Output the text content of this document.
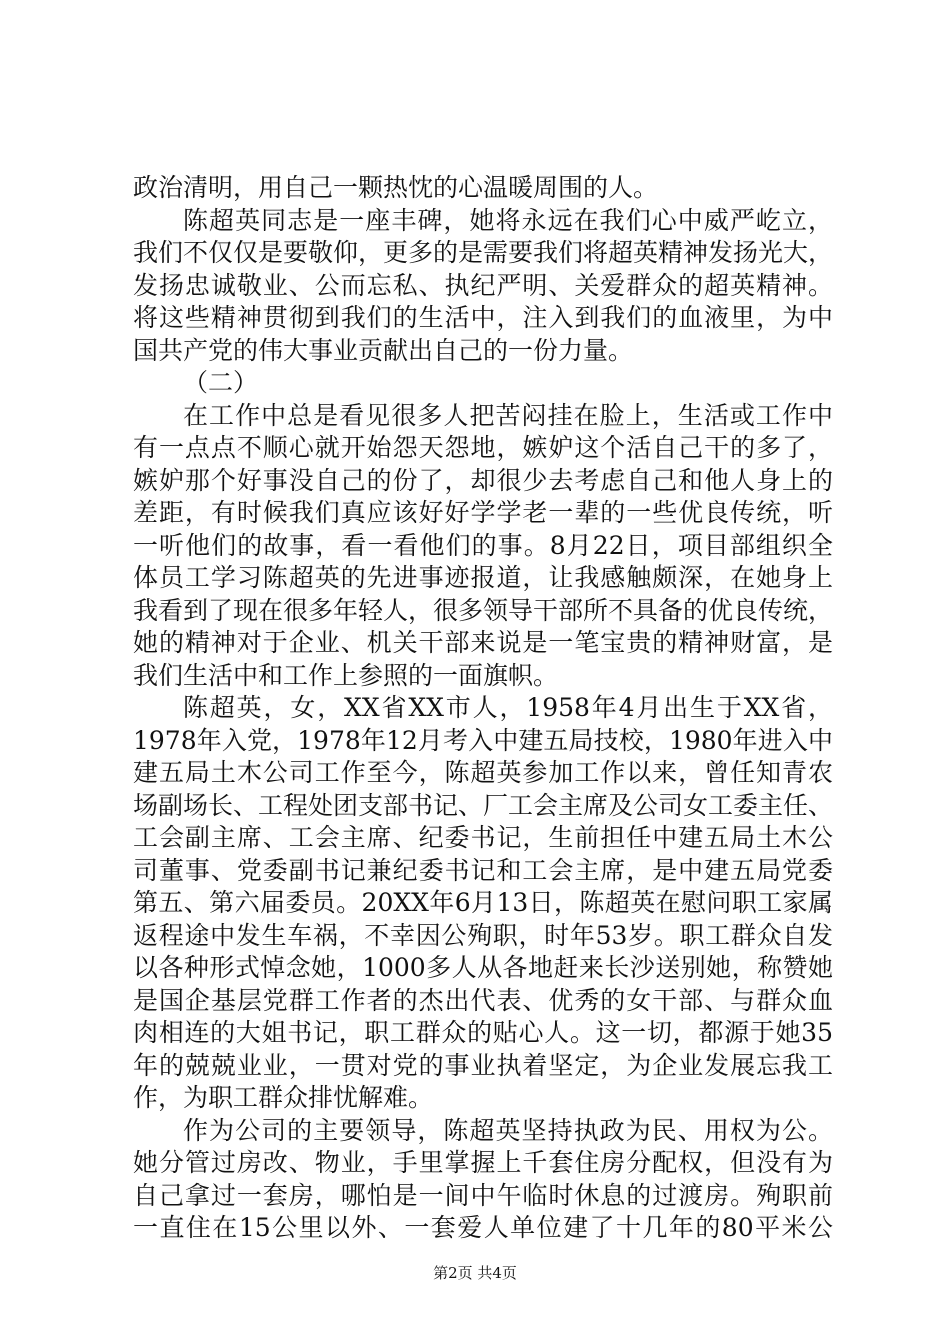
政治清明，用自己一颗热忱的心温暖周围的人。
陈超英同志是一座丰碑，她将永远在我们心中威严屹立，
我们不仅仅是要敬仰，更多的是需要我们将超英精神发扬光大，
发扬忠诚敬业、公而忘私、执纪严明、关爱群众的超英精神。
将这些精神贯彻到我们的生活中，注入到我们的血液里，为中
国共产党的伟大事业贡献出自己的一份力量。
（二）
在工作中总是看见很多人把苦闷挂在脸上，生活或工作中
有一点点不顺心就开始怨天怨地，嫉妒这个活自己干的多了，
嫉妒那个好事没自己的份了，却很少去考虑自己和他人身上的
差距，有时候我们真应该好好学学老一辈的一些优良传统，听
一听他们的故事，看一看他们的事。8月22日，项目部组织全
体员工学习陈超英的先进事迹报道，让我感触颇深，在她身上
我看到了现在很多年轻人，很多领导干部所不具备的优良传统，
她的精神对于企业、机关干部来说是一笔宝贵的精神财富，是
我们生活中和工作上参照的一面旗帜。
陈超英，女，XX省XX市人，1958年4月出生于XX省，
1978年入党，1978年12月考入中建五局技校，1980年进入中
建五局土木公司工作至今，陈超英参加工作以来，曾任知青农
场副场长、工程处团支部书记、厂工会主席及公司女工委主任、
工会副主席、工会主席、纪委书记，生前担任中建五局土木公
司董事、党委副书记兼纪委书记和工会主席，是中建五局党委
第五、第六届委员。20XX年6月13日，陈超英在慰问职工家属
返程途中发生车祸，不幸因公殉职，时年53岁。职工群众自发
以各种形式悼念她，1000多人从各地赶来长沙送别她，称赞她
是国企基层党群工作者的杰出代表、优秀的女干部、与群众血
肉相连的大姐书记，职工群众的贴心人。这一切，都源于她35
年的兢兢业业，一贯对党的事业执着坚定，为企业发展忘我工
作，为职工群众排忧解难。
作为公司的主要领导，陈超英坚持执政为民、用权为公。
她分管过房改、物业，手里掌握上千套住房分配权，但没有为
自己拿过一套房，哪怕是一间中午临时休息的过渡房。殉职前
一直住在15公里以外、一套爱人单位建了十几年的80平米公
第2页 共4页
